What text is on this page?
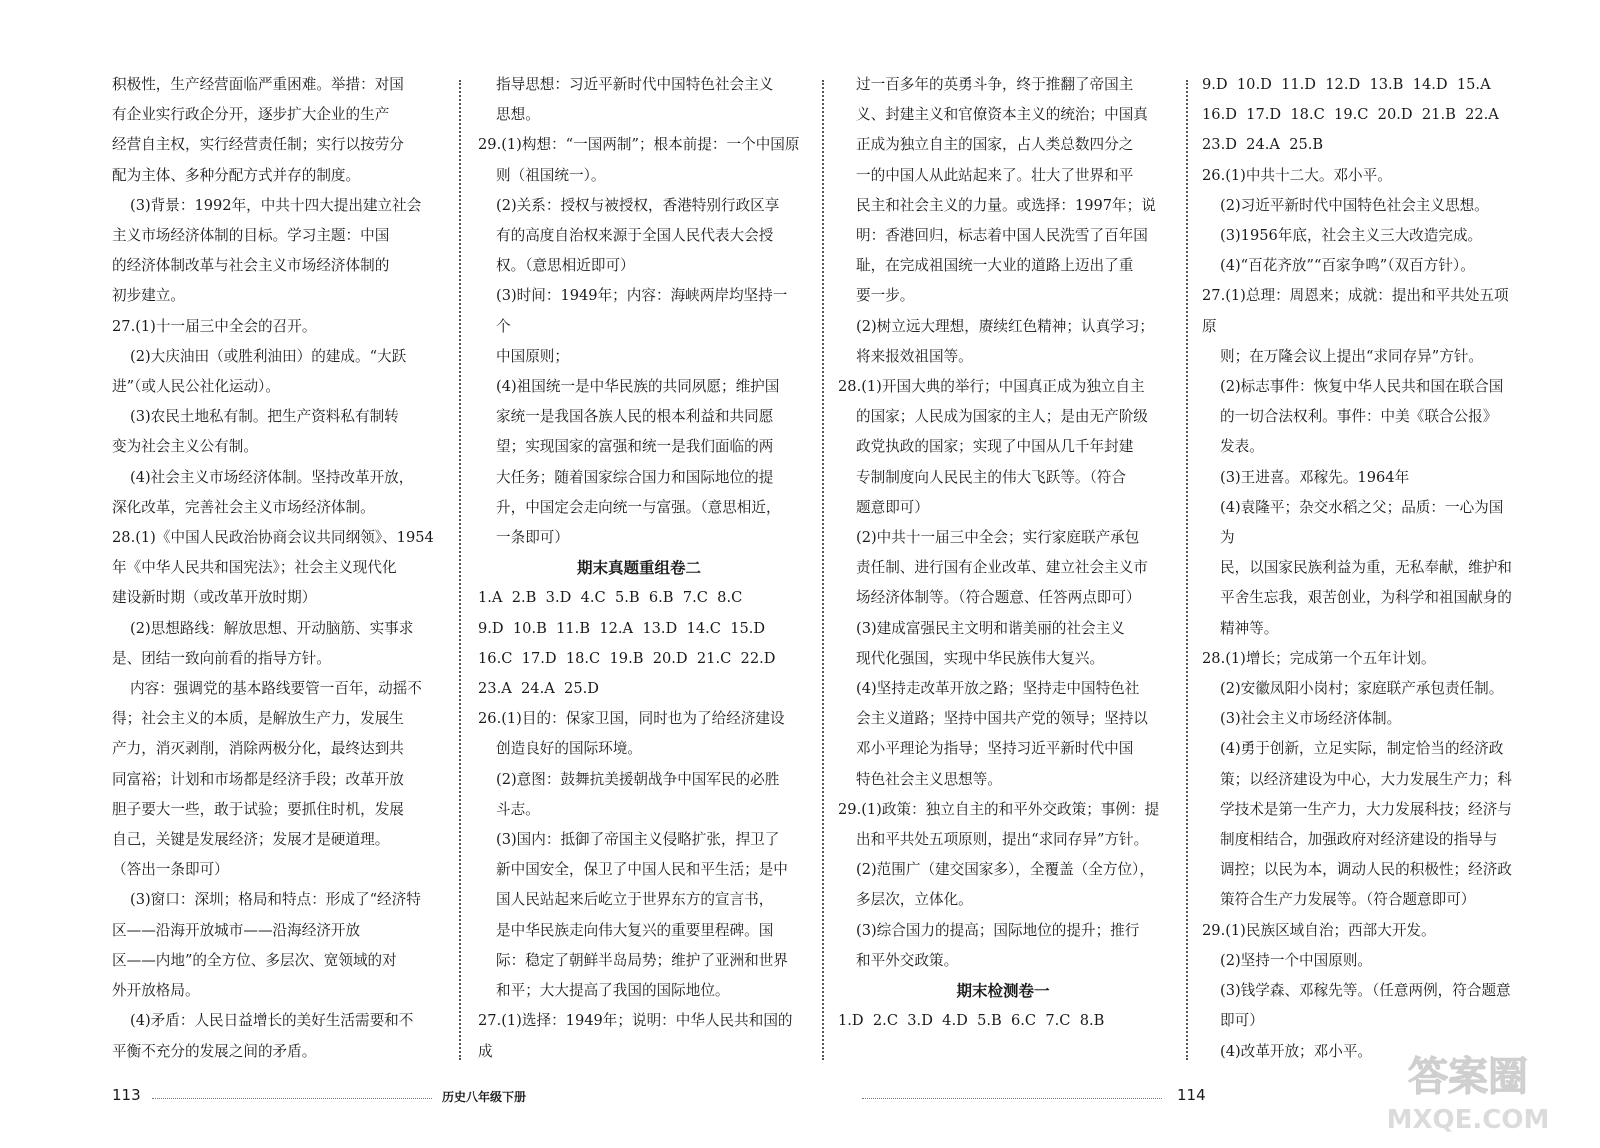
积极性，生产经营面临严重困难。举措：对国

有企业实行政企分开，逐步扩大企业的生产

经营自主权，实行经营责任制；实行以按劳分

配为主体、多种分配方式并存的制度。

(3)背景：1992年，中共十四大提出建立社会

主义市场经济体制的目标。学习主题：中国

的经济体制改革与社会主义市场经济体制的

初步建立。

27.(1)十一届三中全会的召开。

(2)大庆油田（或胜利油田）的建成。“大跃

进”（或人民公社化运动）。

(3)农民土地私有制。把生产资料私有制转

变为社会主义公有制。

(4)社会主义市场经济体制。坚持改革开放，

深化改革，完善社会主义市场经济体制。

28.(1)《中国人民政治协商会议共同纲领》、1954

年《中华人民共和国宪法》；社会主义现代化

建设新时期（或改革开放时期）

(2)思想路线：解放思想、开动脑筋、实事求

是、团结一致向前看的指导方针。

内容：强调党的基本路线要管一百年，动摇不

得；社会主义的本质，是解放生产力，发展生

产力，消灭剥削，消除两极分化，最终达到共

同富裕；计划和市场都是经济手段；改革开放

胆子要大一些，敢于试验；要抓住时机，发展

自己，关键是发展经济；发展才是硬道理。

（答出一条即可）

(3)窗口：深圳；格局和特点：形成了“经济特

区——沿海开放城市——沿海经济开放

区——内地”的全方位、多层次、宽领域的对

外开放格局。

(4)矛盾：人民日益增长的美好生活需要和不

平衡不充分的发展之间的矛盾。

指导思想：习近平新时代中国特色社会主义

思想。

29.(1)构想：“一国两制”；根本前提：一个中国原

则（祖国统一）。

(2)关系：授权与被授权，香港特别行政区享

有的高度自治权来源于全国人民代表大会授

权。（意思相近即可）

(3)时间：1949年；内容：海峡两岸均坚持一个

中国原则；

(4)祖国统一是中华民族的共同夙愿；维护国

家统一是我国各族人民的根本利益和共同愿

望；实现国家的富强和统一是我们面临的两

大任务；随着国家综合国力和国际地位的提

升，中国定会走向统一与富强。（意思相近，

一条即可）

期末真题重组卷二

1.A  2.B  3.D  4.C  5.B  6.B  7.C  8.C

9.D  10.B  11.B  12.A  13.D  14.C  15.D

16.C  17.D  18.C  19.B  20.D  21.C  22.D

23.A  24.A  25.D

26.(1)目的：保家卫国，同时也为了给经济建设

创造良好的国际环境。

(2)意图：鼓舞抗美援朝战争中国军民的必胜

斗志。

(3)国内：抵御了帝国主义侵略扩张，捍卫了

新中国安全，保卫了中国人民和平生活；是中

国人民站起来后屹立于世界东方的宣言书，

是中华民族走向伟大复兴的重要里程碑。国

际：稳定了朝鲜半岛局势；维护了亚洲和世界

和平；大大提高了我国的国际地位。

27.(1)选择：1949年；说明：中华人民共和国的成

过一百多年的英勇斗争，终于推翻了帝国主

义、封建主义和官僚资本主义的统治；中国真

正成为独立自主的国家，占人类总数四分之

一的中国人从此站起来了。壮大了世界和平

民主和社会主义的力量。或选择：1997年；说

明：香港回归，标志着中国人民洗雪了百年国

耻，在完成祖国统一大业的道路上迈出了重

要一步。

(2)树立远大理想，赓续红色精神；认真学习；

将来报效祖国等。

28.(1)开国大典的举行；中国真正成为独立自主

的国家；人民成为国家的主人；是由无产阶级

政党执政的国家；实现了中国从几千年封建

专制制度向人民民主的伟大飞跃等。（符合

题意即可）

(2)中共十一届三中全会；实行家庭联产承包

责任制、进行国有企业改革、建立社会主义市

场经济体制等。（符合题意、任答两点即可）

(3)建成富强民主文明和谐美丽的社会主义

现代化强国，实现中华民族伟大复兴。

(4)坚持走改革开放之路；坚持走中国特色社

会主义道路；坚持中国共产党的领导；坚持以

邓小平理论为指导；坚持习近平新时代中国

特色社会主义思想等。

29.(1)政策：独立自主的和平外交政策；事例：提

出和平共处五项原则，提出“求同存异”方针。

(2)范围广（建交国家多），全覆盖（全方位），

多层次，立体化。

(3)综合国力的提高；国际地位的提升；推行

和平外交政策。

期末检测卷一

1.D  2.C  3.D  4.D  5.B  6.C  7.C  8.B

9.D  10.D  11.D  12.D  13.B  14.D  15.A

16.D  17.D  18.C  19.C  20.D  21.B  22.A

23.D  24.A  25.B

26.(1)中共十二大。邓小平。

(2)习近平新时代中国特色社会主义思想。

(3)1956年底，社会主义三大改造完成。

(4)“百花齐放”“百家争鸣”（双百方针）。

27.(1)总理：周恩来；成就：提出和平共处五项原

则；在万隆会议上提出“求同存异”方针。

(2)标志事件：恢复中华人民共和国在联合国

的一切合法权利。事件：中美《联合公报》

发表。

(3)王进喜。邓稼先。1964年

(4)袁隆平；杂交水稻之父；品质：一心为国为

民，以国家民族利益为重，无私奉献，维护和

平舍生忘我，艰苦创业，为科学和祖国献身的

精神等。

28.(1)增长；完成第一个五年计划。

(2)安徽凤阳小岗村；家庭联产承包责任制。

(3)社会主义市场经济体制。

(4)勇于创新，立足实际，制定恰当的经济政

策；以经济建设为中心，大力发展生产力；科

学技术是第一生产力，大力发展科技；经济与

制度相结合，加强政府对经济建设的指导与

调控；以民为本，调动人民的积极性；经济政

策符合生产力发展等。（符合题意即可）

29.(1)民族区域自治；西部大开发。

(2)坚持一个中国原则。

(3)钱学森、邓稼先等。（任意两例，符合题意

即可）

(4)改革开放；邓小平。

113	历史八年级下册	114	答案圈
MXQE.COM
